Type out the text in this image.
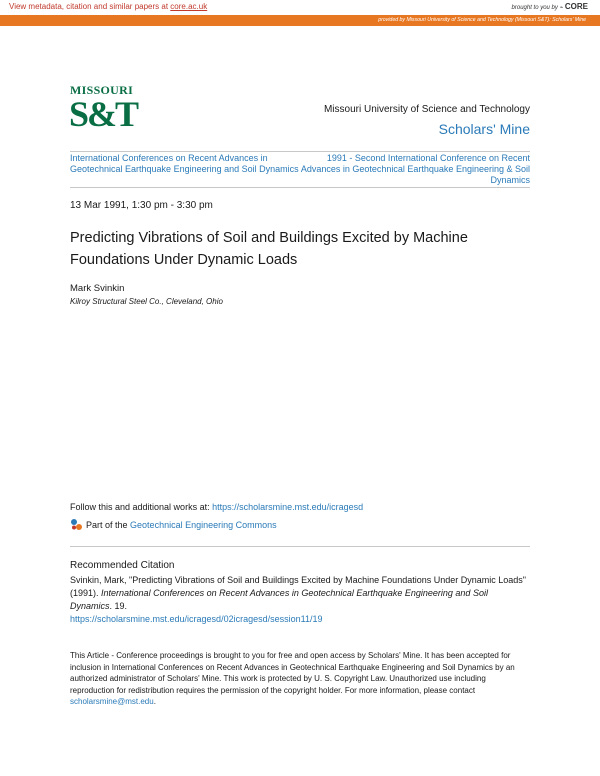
View metadata, citation and similar papers at core.ac.uk	brought to you by ⌁ CORE
provided by Missouri University of Science and Technology (Missouri S&T): Scholars' Mine
MISSOURI
S&T	Missouri University of Science and Technology
Scholars' Mine
International Conferences on Recent Advances in Geotechnical Earthquake Engineering and Soil Dynamics
1991 - Second International Conference on Recent Advances in Geotechnical Earthquake Engineering & Soil Dynamics
13 Mar 1991, 1:30 pm - 3:30 pm
Predicting Vibrations of Soil and Buildings Excited by Machine Foundations Under Dynamic Loads
Mark Svinkin
Kilroy Structural Steel Co., Cleveland, Ohio
Follow this and additional works at: https://scholarsmine.mst.edu/icragesd
Part of the
Geotechnical Engineering Commons
Recommended Citation
Svinkin, Mark, "Predicting Vibrations of Soil and Buildings Excited by Machine Foundations Under Dynamic Loads" (1991). International Conferences on Recent Advances in Geotechnical Earthquake Engineering and Soil Dynamics. 19.
https://scholarsmine.mst.edu/icragesd/02icragesd/session11/19
This Article - Conference proceedings is brought to you for free and open access by Scholars' Mine. It has been accepted for inclusion in International Conferences on Recent Advances in Geotechnical Earthquake Engineering and Soil Dynamics by an authorized administrator of Scholars' Mine. This work is protected by U. S. Copyright Law. Unauthorized use including reproduction for redistribution requires the permission of the copyright holder. For more information, please contact scholarsmine@mst.edu.
